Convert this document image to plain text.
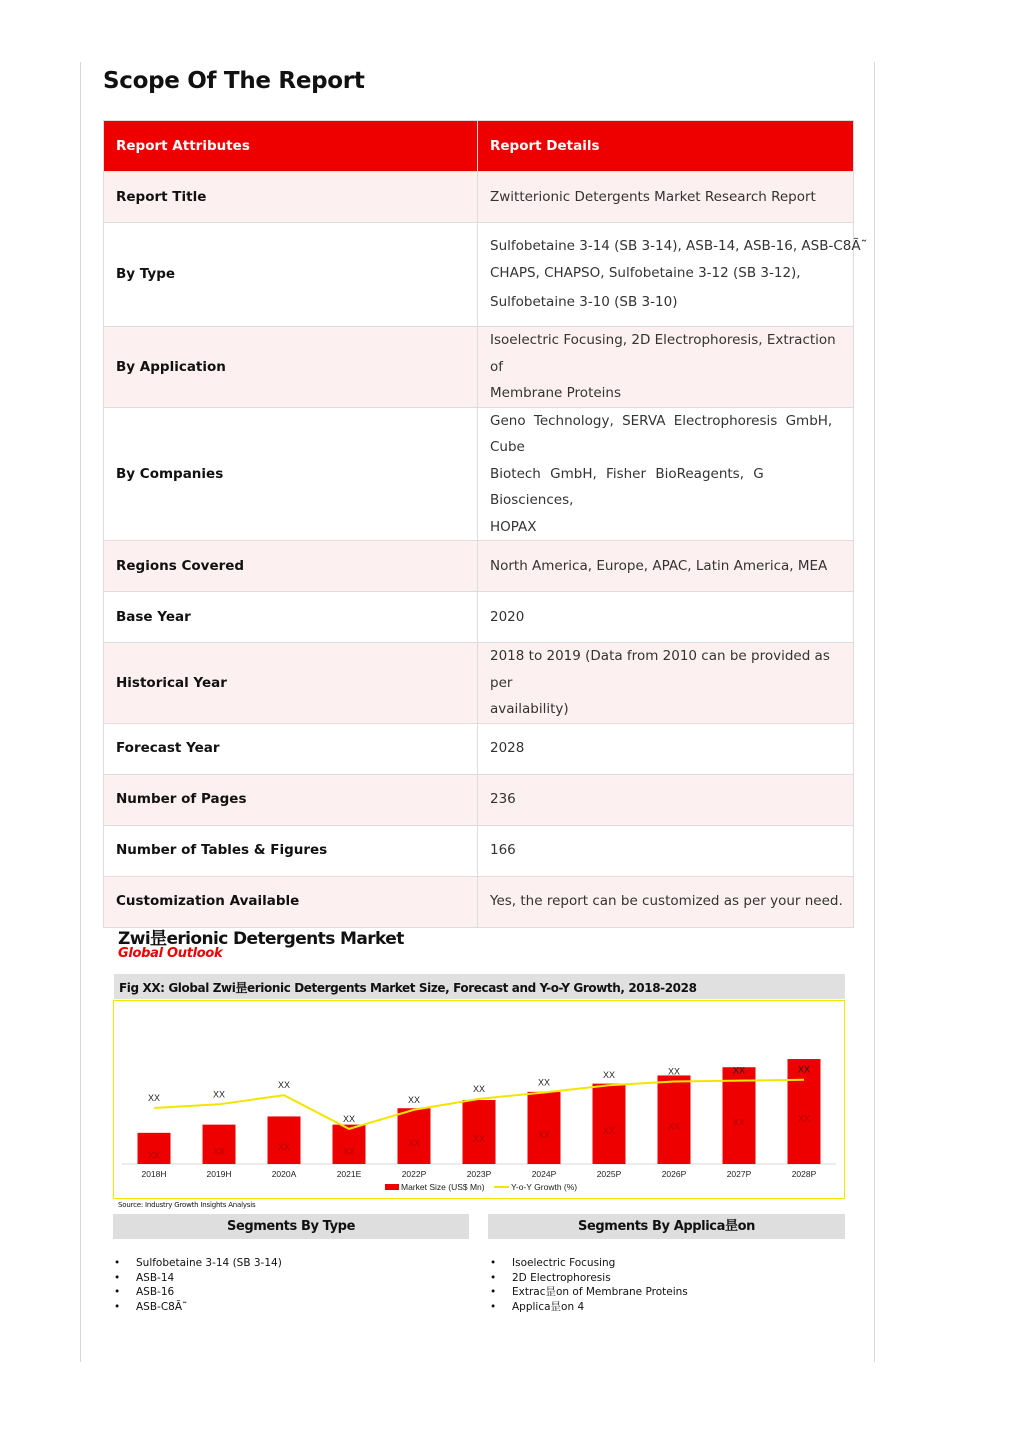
Scope Of The Report
Report Attributes	Report Details
Report Title	Zwitterionic Detergents Market Research Report

By Type	Sulfobetaine 3-14 (SB 3-14), ASB-14, ASB-16, ASB-C8Ã˜
CHAPS, CHAPSO, Sulfobetaine 3-12 (SB 3-12),
Sulfobetaine 3-10 (SB 3-10)

By Application	Isoelectric Focusing, 2D Electrophoresis, Extraction of
Membrane Proteins

By Companies	Geno Technology, SERVA Electrophoresis GmbH, Cube
Biotech GmbH, Fisher BioReagents, G Biosciences,
HOPAX

Regions Covered	North America, Europe, APAC, Latin America, MEA

Base Year	2020

Historical Year	2018 to 2019 (Data from 2010 can be provided as per
availability)

Forecast Year	2028

Number of Pages	236

Number of Tables & Figures	166

Customization Available	Yes, the report can be customized as per your need.
Zwi昰erionic Detergents Market
Global Outlook
Fig XX: Global Zwi昰erionic Detergents Market Size, Forecast and Y-o-Y Growth, 2018-2028
XX
2018H
XX
2019H
XX
2020A
XX
2021E
XX
2022P
XX
2023P
XX
2024P
XX
2025P
XX
2026P
XX
2027P
XX
2028P
XX	XX
XX
XX
XX
XX
XX
XX	XX	XX	XX
Market Size (US$ Mn)	Y-o-Y Growth (%)
Source: Industry Growth Insights Analysis
Segments By Type	Segments By Applica昰on
• Sulfobetaine 3-14 (SB 3-14)
• ASB-14
• ASB-16
• ASB-C8Ã˜
• Isoelectric Focusing
• 2D Electrophoresis
• Extrac昰on of Membrane Proteins
• Applica昰on 4
